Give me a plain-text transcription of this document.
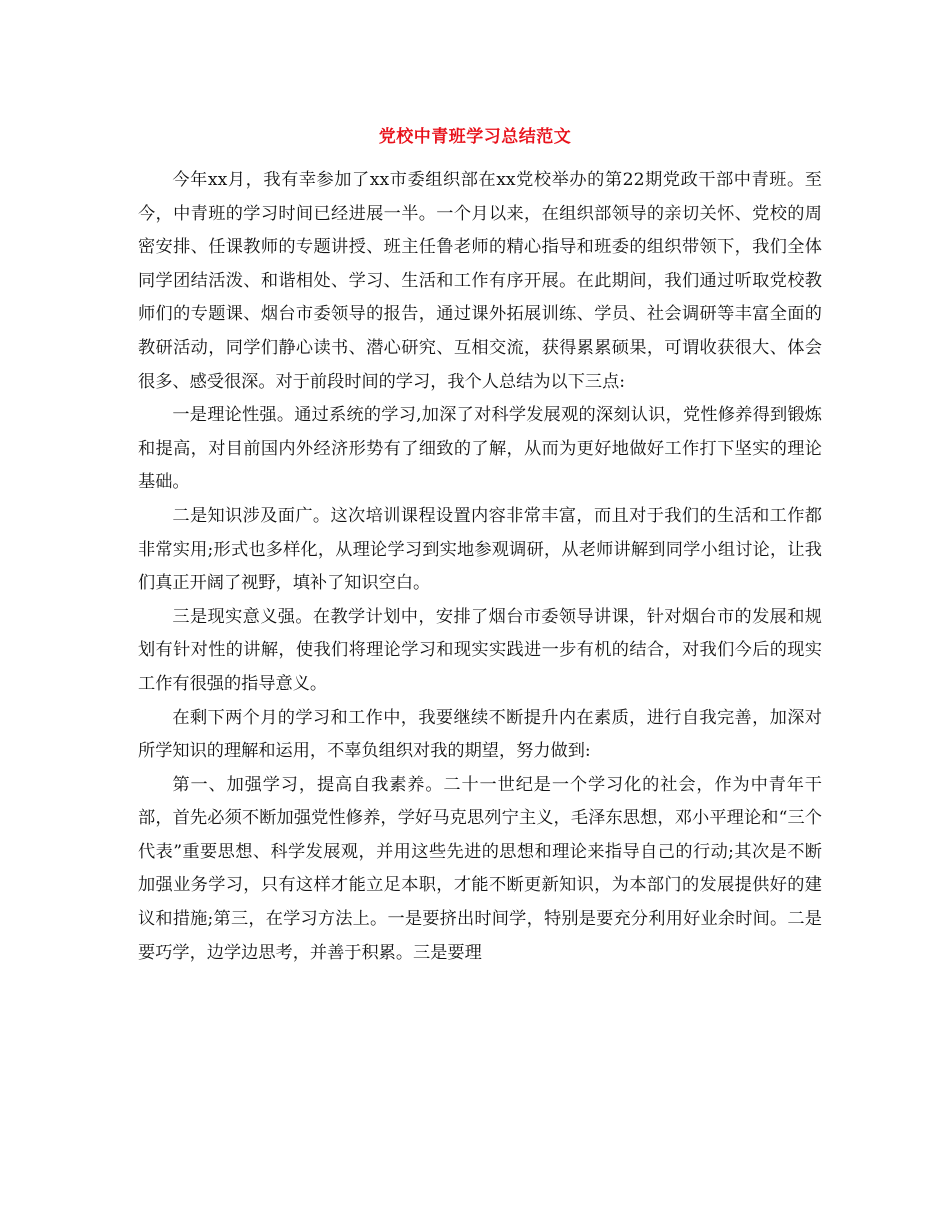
党校中青班学习总结范文

今年xx月，我有幸参加了xx市委组织部在xx党校举办的第22期党政干部中青班。至今，中青班的学习时间已经进展一半。一个月以来，在组织部领导的亲切关怀、党校的周密安排、任课教师的专题讲授、班主任鲁老师的精心指导和班委的组织带领下，我们全体同学团结活泼、和谐相处、学习、生活和工作有序开展。在此期间，我们通过听取党校教师们的专题课、烟台市委领导的报告，通过课外拓展训练、学员、社会调研等丰富全面的教研活动，同学们静心读书、潜心研究、互相交流，获得累累硕果，可谓收获很大、体会很多、感受很深。对于前段时间的学习，我个人总结为以下三点:

一是理论性强。通过系统的学习,加深了对科学发展观的深刻认识，党性修养得到锻炼和提高，对目前国内外经济形势有了细致的了解，从而为更好地做好工作打下坚实的理论基础。

二是知识涉及面广。这次培训课程设置内容非常丰富，而且对于我们的生活和工作都非常实用;形式也多样化，从理论学习到实地参观调研，从老师讲解到同学小组讨论，让我们真正开阔了视野，填补了知识空白。

三是现实意义强。在教学计划中，安排了烟台市委领导讲课，针对烟台市的发展和规划有针对性的讲解，使我们将理论学习和现实实践进一步有机的结合，对我们今后的现实工作有很强的指导意义。

在剩下两个月的学习和工作中，我要继续不断提升内在素质，进行自我完善，加深对所学知识的理解和运用，不辜负组织对我的期望，努力做到:

第一、加强学习，提高自我素养。二十一世纪是一个学习化的社会，作为中青年干部，首先必须不断加强党性修养，学好马克思列宁主义，毛泽东思想，邓小平理论和“三个代表”重要思想、科学发展观，并用这些先进的思想和理论来指导自己的行动;其次是不断加强业务学习，只有这样才能立足本职，才能不断更新知识，为本部门的发展提供好的建议和措施;第三，在学习方法上。一是要挤出时间学，特别是要充分利用好业余时间。二是要巧学，边学边思考，并善于积累。三是要理
